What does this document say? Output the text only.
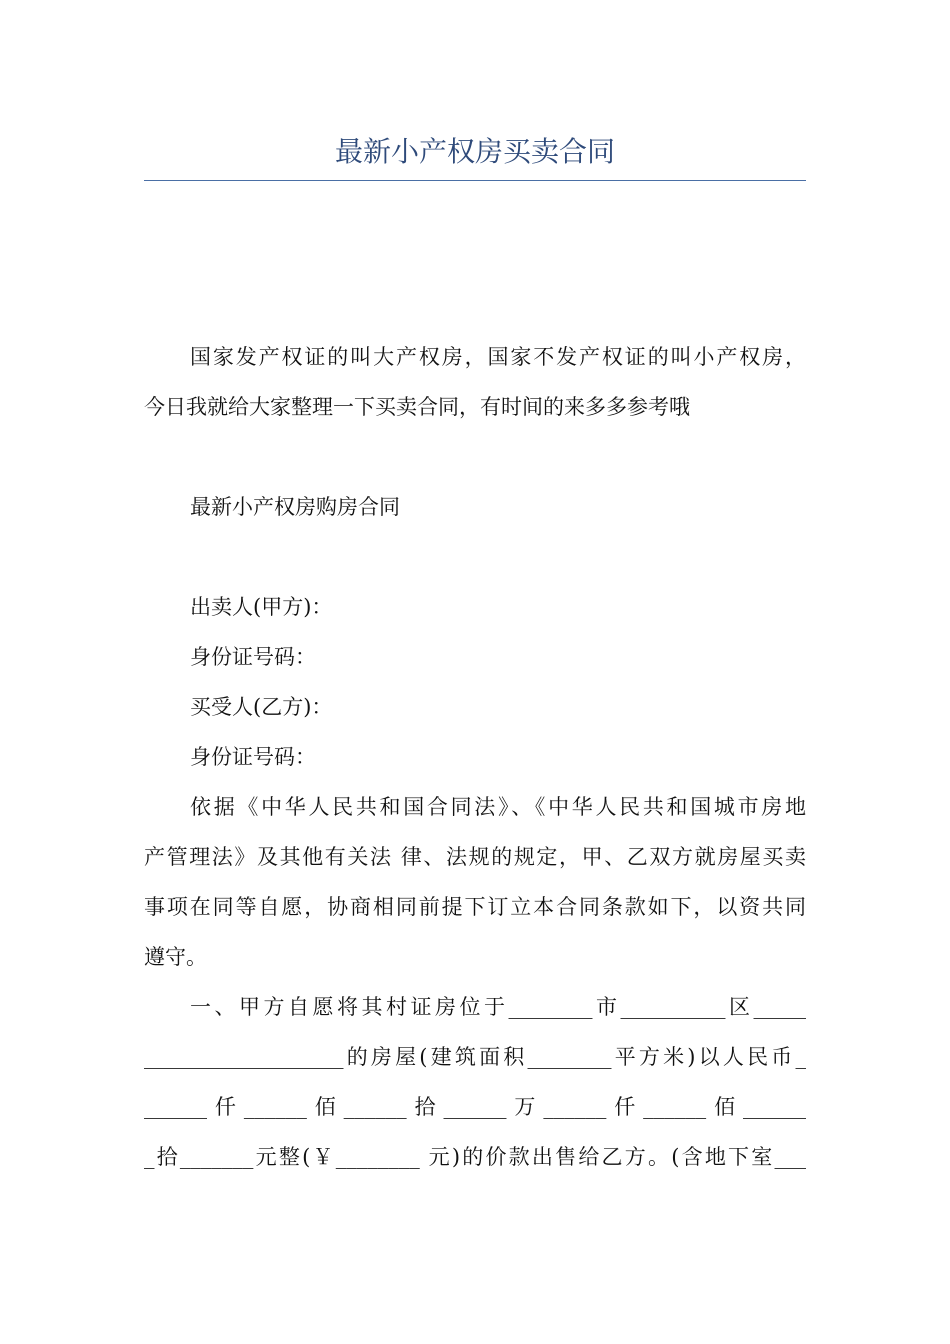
最新小产权房买卖合同

国家发产权证的叫大产权房，国家不发产权证的叫小产权房，

今日我就给大家整理一下买卖合同，有时间的来多多参考哦

最新小产权房购房合同

出卖人(甲方)：

身份证号码：

买受人(乙方)：

身份证号码：

依据《中华人民共和国合同法》、《中华人民共和国城市房地

产管理法》及其他有关法 律、法规的规定，甲、乙双方就房屋买卖

事项在同等自愿，协商相同前提下订立本合同条款如下，以资共同

遵守。

一、甲方自愿将其村证房位于________市__________区_____

___________________的房屋(建筑面积________平方米)以人民币_

______仟______佰______拾______万______仟______佰______

_拾_______元整(￥________ 元)的价款出售给乙方。(含地下室___
